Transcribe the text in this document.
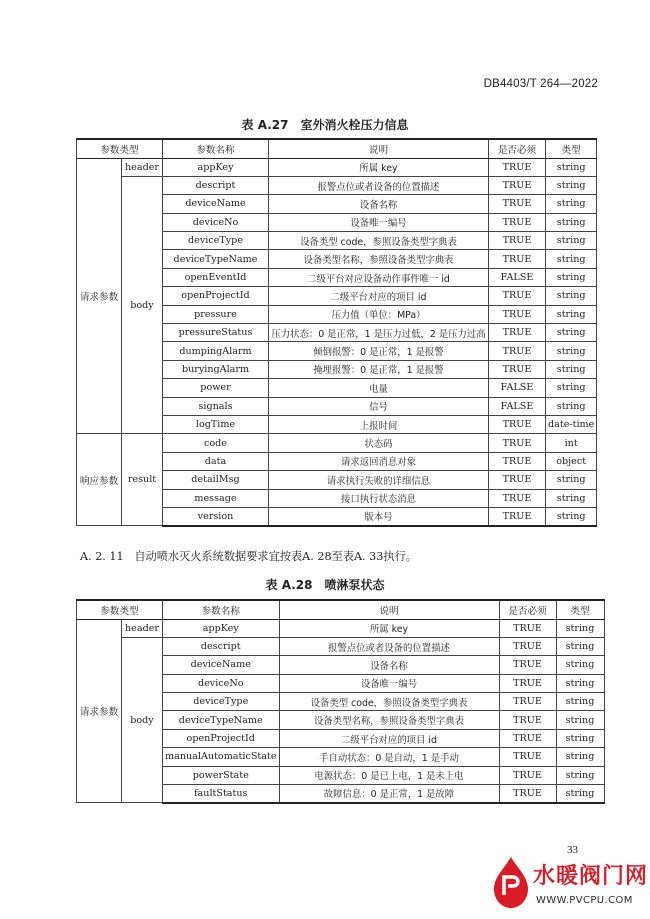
DB4403/T 264—2022
表 A.27　室外消火栓压力信息
参数类型		参数名称	说明	是否必须	类型
请求参数	header	appKey	所属 key	TRUE	string
	body	descript	报警点位或者设备的位置描述	TRUE	string
		deviceName	设备名称	TRUE	string
		deviceNo	设备唯一编号	TRUE	string
		deviceType	设备类型 code，参照设备类型字典表	TRUE	string
		deviceTypeName	设备类型名称，参照设备类型字典表	TRUE	string
		openEventId	二级平台对应设备动作事件唯一 id	FALSE	string
		openProjectId	二级平台对应的项目 id	TRUE	string
		pressure	压力值（单位：MPa）	TRUE	string
		pressureStatus	压力状态：0 是正常，1 是压力过低，2 是压力过高	TRUE	string
		dumpingAlarm	倾倒报警：0 是正常，1 是报警	TRUE	string
		buryingAlarm	掩埋报警：0 是正常，1 是报警	TRUE	string
		power	电量	FALSE	string
		signals	信号	FALSE	string
		logTime	上报时间	TRUE	date-time
响应参数	result	code	状态码	TRUE	int
		data	请求返回消息对象	TRUE	object
		detailMsg	请求执行失败的详细信息	TRUE	string
		message	接口执行状态消息	TRUE	string
		version	版本号	TRUE	string
A. 2. 11 自动喷水灭火系统数据要求宜按表A. 28至表A. 33执行。
表 A.28　喷淋泵状态
参数类型		参数名称	说明	是否必须	类型
请求参数	header	appKey	所属 key	TRUE	string
	body	descript	报警点位或者设备的位置描述	TRUE	string
		deviceName	设备名称	TRUE	string
		deviceNo	设备唯一编号	TRUE	string
		deviceType	设备类型 code，参照设备类型字典表	TRUE	string
		deviceTypeName	设备类型名称，参照设备类型字典表	TRUE	string
		openProjectId	二级平台对应的项目 id	TRUE	string
		manualAutomaticState	手自动状态：0 是自动，1 是手动	TRUE	string
		powerState	电源状态：0 是已上电，1 是未上电	TRUE	string
		faultStatus	故障信息：0 是正常，1 是故障	TRUE	string
33
水暖阀门网
WWW.PVCPU.COM
